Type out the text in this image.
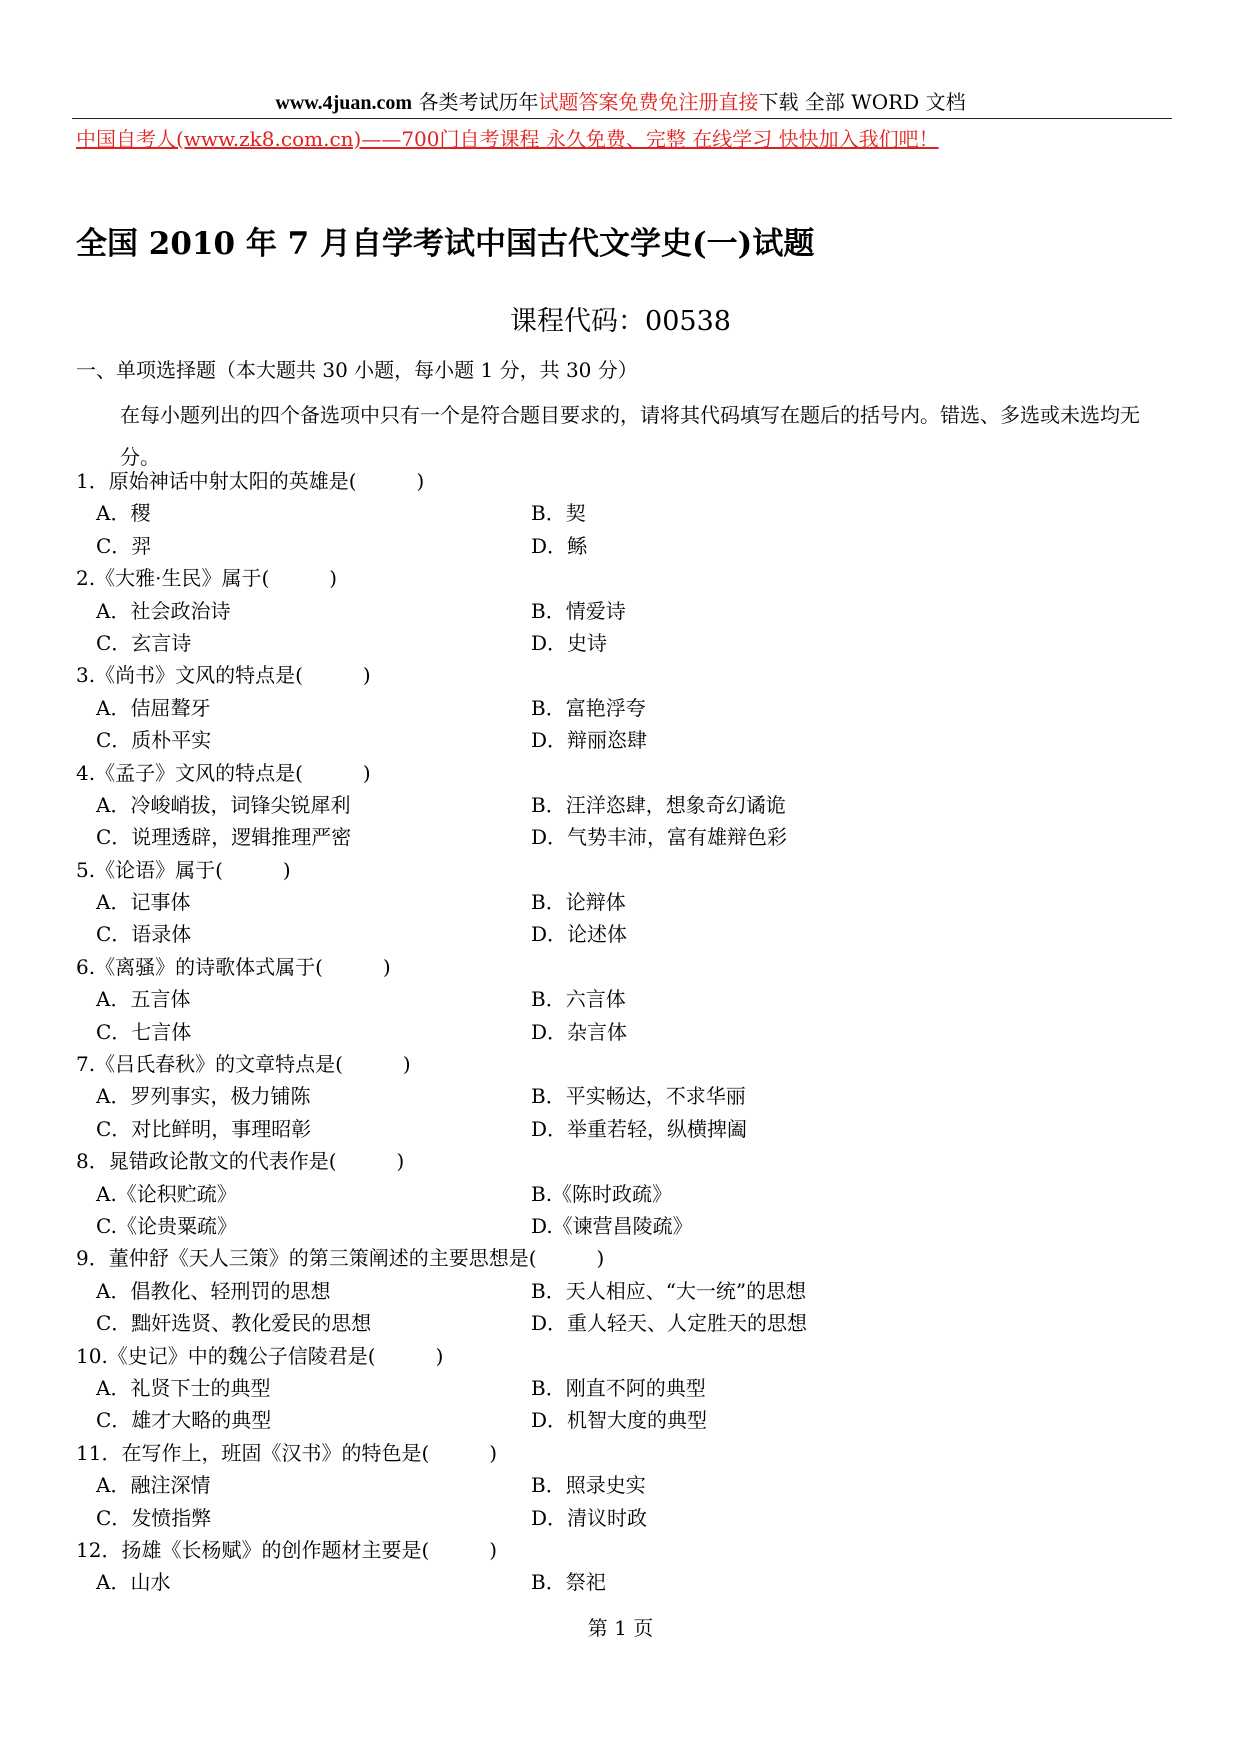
www.4juan.com 各类考试历年试题答案免费免注册直接下载 全部 WORD 文档
中国自考人(www.zk8.com.cn)——700门自考课程 永久免费、完整 在线学习 快快加入我们吧！
全国 2010 年 7 月自学考试中国古代文学史(一)试题
课程代码：00538
一、单项选择题（本大题共 30 小题，每小题 1 分，共 30 分）
在每小题列出的四个备选项中只有一个是符合题目要求的，请将其代码填写在题后的括号内。错选、多选或未选均无分。
1．原始神话中射太阳的英雄是(　　　)
A．稷	B．契
C．羿	D．鲧
2.《大雅·生民》属于(　　　)
A．社会政治诗	B．情爱诗
C．玄言诗	D．史诗
3.《尚书》文风的特点是(　　　)
A．佶屈聱牙	B．富艳浮夸
C．质朴平实	D．辩丽恣肆
4.《孟子》文风的特点是(　　　)
A．冷峻峭拔，词锋尖锐犀利	B．汪洋恣肆，想象奇幻谲诡
C．说理透辟，逻辑推理严密	D．气势丰沛，富有雄辩色彩
5.《论语》属于(　　　)
A．记事体	B．论辩体
C．语录体	D．论述体
6.《离骚》的诗歌体式属于(　　　)
A．五言体	B．六言体
C．七言体	D．杂言体
7.《吕氏春秋》的文章特点是(　　　)
A．罗列事实，极力铺陈	B．平实畅达，不求华丽
C．对比鲜明，事理昭彰	D．举重若轻，纵横捭阖
8．晁错政论散文的代表作是(　　　)
A.《论积贮疏》	B.《陈时政疏》
C.《论贵粟疏》	D.《谏营昌陵疏》
9．董仲舒《天人三策》的第三策阐述的主要思想是(　　　)
A．倡教化、轻刑罚的思想	B．天人相应、“大一统”的思想
C．黜奸选贤、教化爱民的思想	D．重人轻天、人定胜天的思想
10.《史记》中的魏公子信陵君是(　　　)
A．礼贤下士的典型	B．刚直不阿的典型
C．雄才大略的典型	D．机智大度的典型
11．在写作上，班固《汉书》的特色是(　　　)
A．融注深情	B．照录史实
C．发愤指弊	D．清议时政
12．扬雄《长杨赋》的创作题材主要是(　　　)
A．山水	B．祭祀
第 1 页
